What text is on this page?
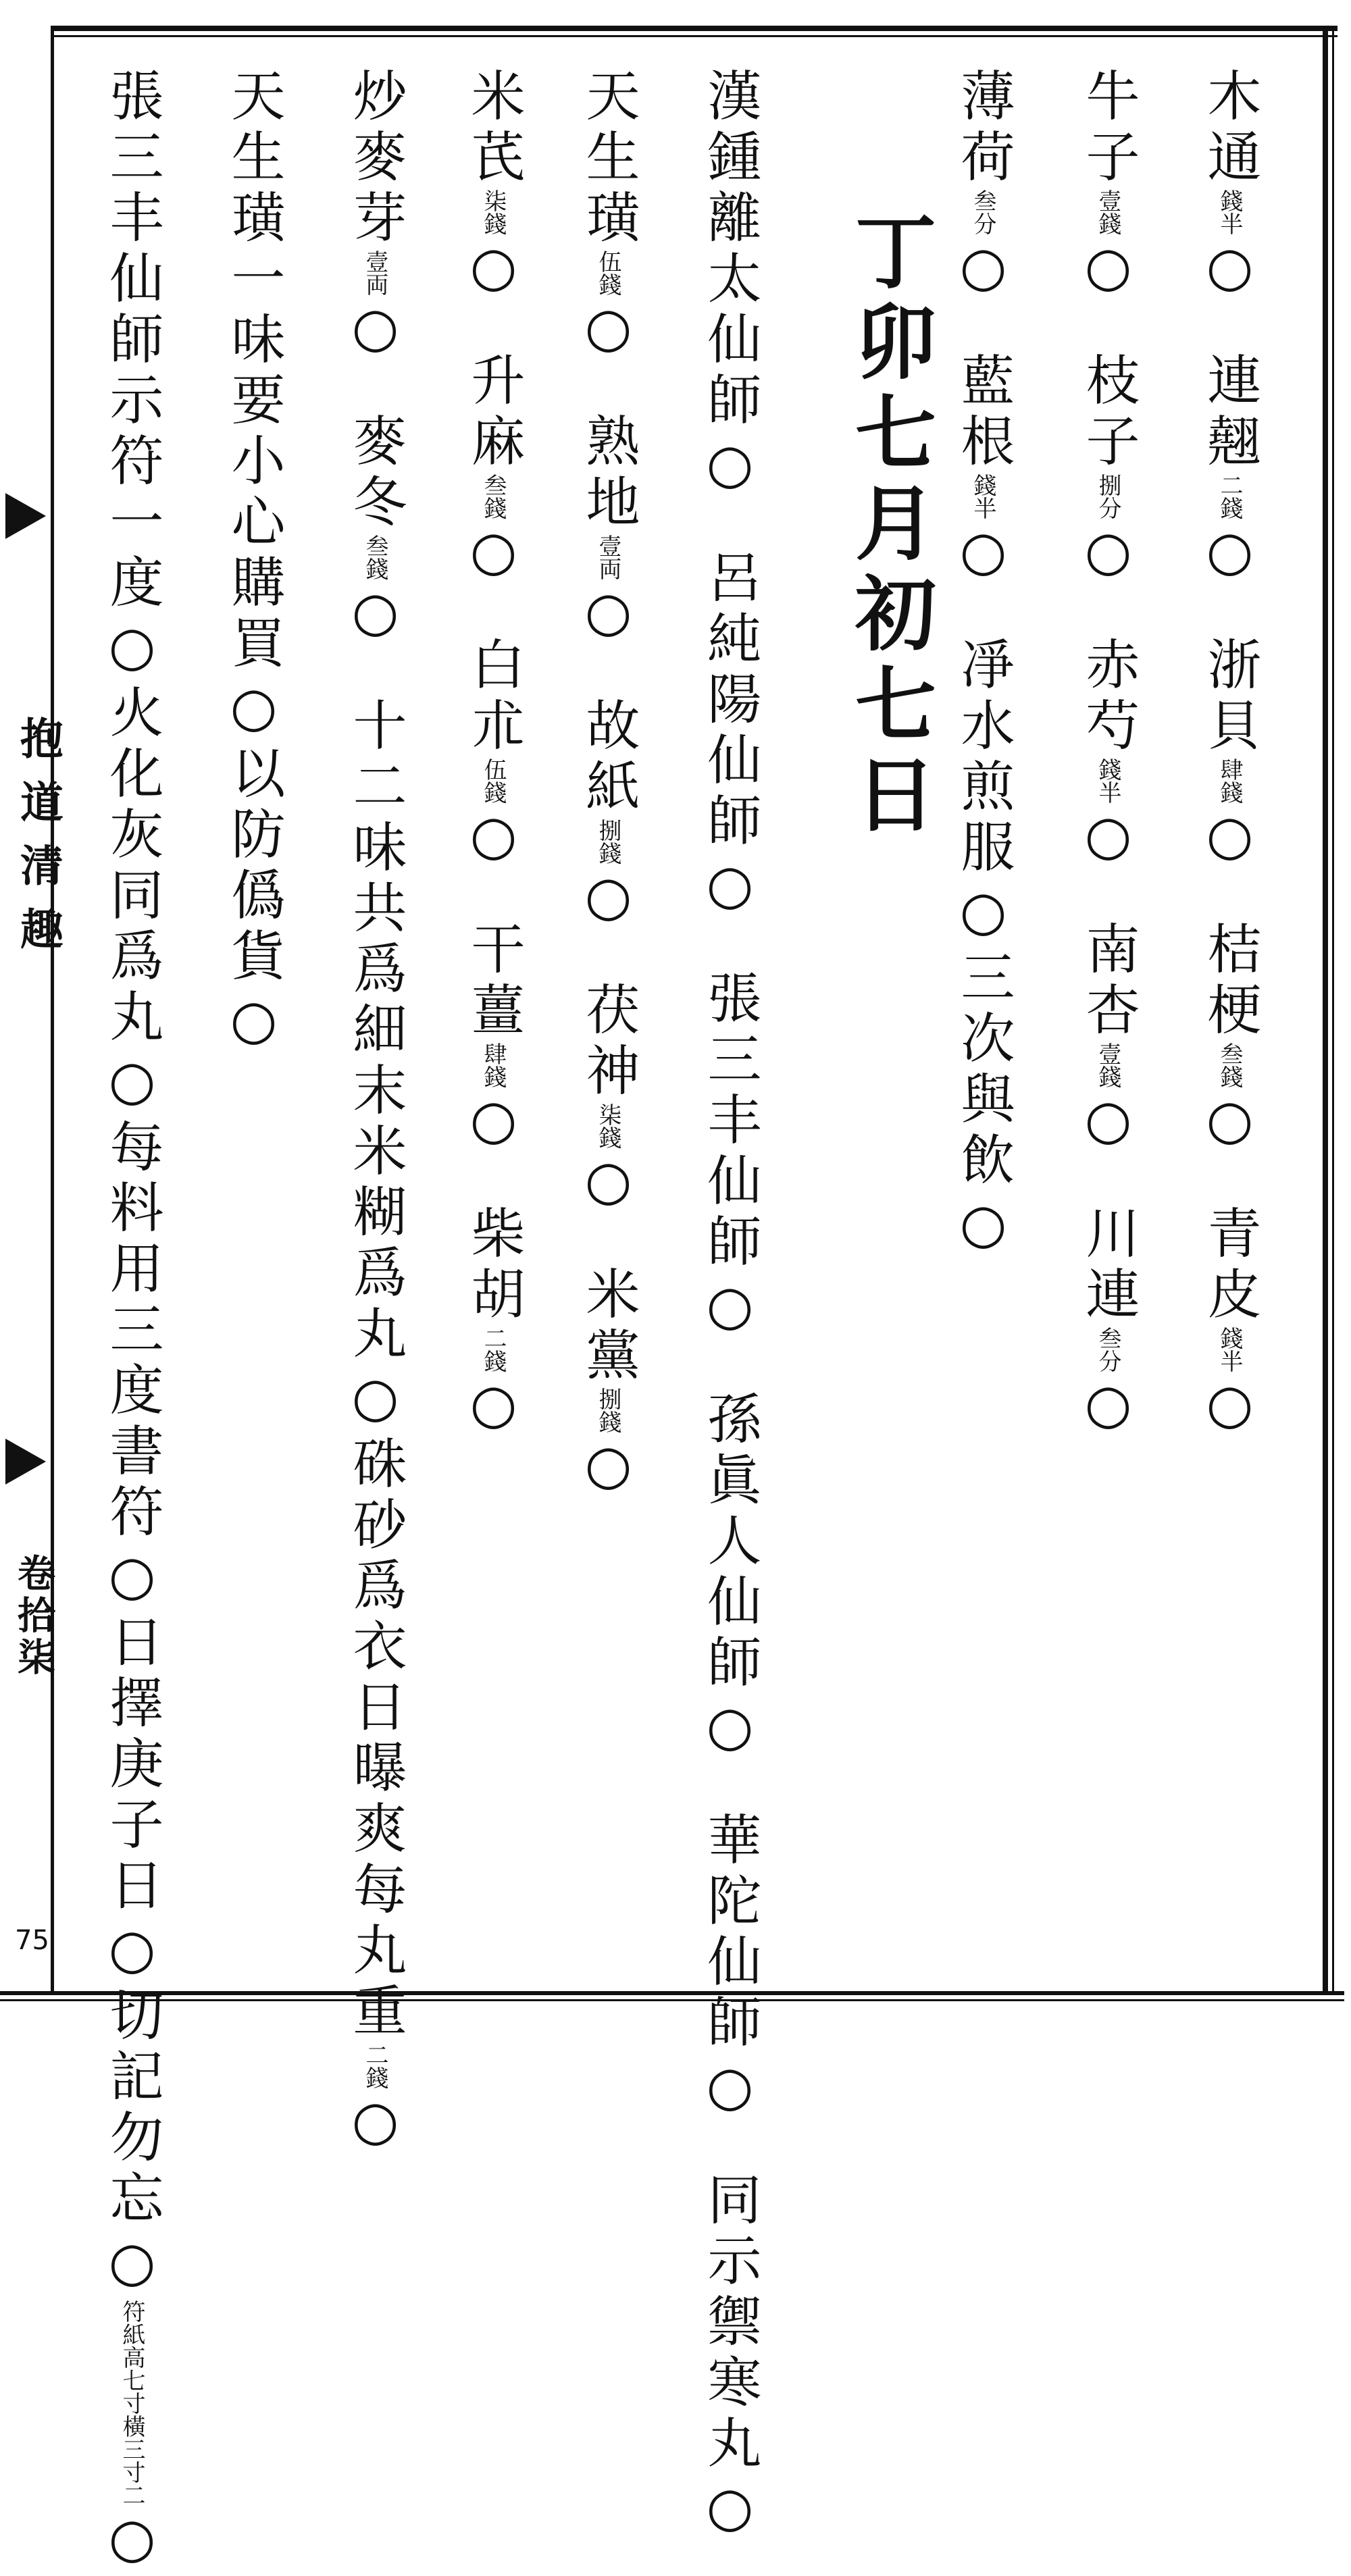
抱道清趣
卷拾柒
75
丁卯七月初七日
木通錢半○連翹二錢○浙貝肆錢○桔梗叁錢○青皮錢半○
牛子壹錢○枝子捌分○赤芍錢半○南杏壹錢○川連叁分○
薄荷叁分○藍根錢半○凈水煎服○三次與飲○
漢鍾離太仙師○呂純陽仙師○張三丰仙師○孫眞人仙師○華陀仙師○同示禦寒丸○
天生璜伍錢○熟地壹両○故紙捌錢○茯神柒錢○米黨捌錢○
米芪柒錢○升麻叁錢○白朮伍錢○干薑肆錢○柴胡二錢○
炒麥芽壹両○麥冬叁錢○十二味共爲細末米糊爲丸○硃砂爲衣日曝爽每丸重二錢○
天生璜一味要小心購買○以防僞貨○
張三丰仙師示符一度○火化灰同爲丸○每料用三度書符○日擇庚子日○切記勿忘○符紙高七寸橫三寸二○
